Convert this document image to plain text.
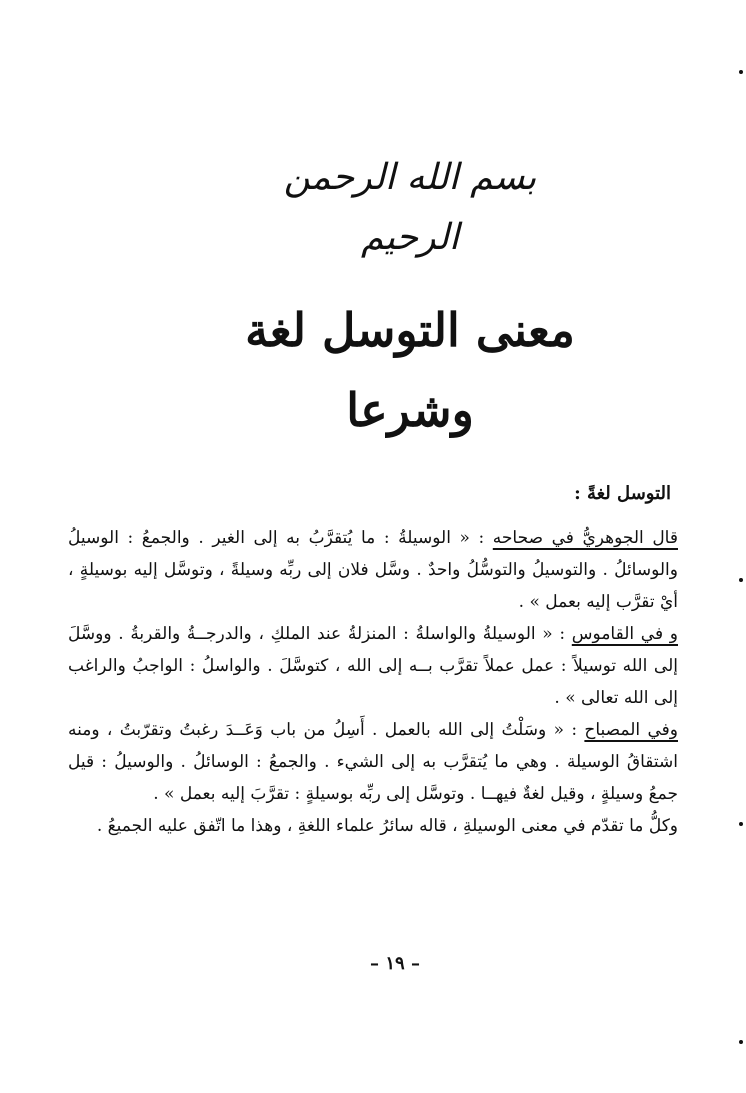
بسم الله الرحمن الرحيم
معنى التوسل لغة وشرعا
التوسل لغةً :

قال الجوهريُّ في صحاحه : « الوسيلةُ : ما يُتقرَّبُ به إلى الغير . والجمعُ : الوسيلُ والوسائلُ . والتوسيلُ والتوسُّلُ واحدٌ . وسَّل فلان إلى ربِّه وسيلةً ، وتوسَّل إليه بوسيلةٍ ، أيْ تقرَّب إليه بعمل » .

و في القاموس : « الوسيلةُ والواسلةُ : المنزلةُ عند الملكِ ، والدرجــةُ والقربةُ . ووسَّلَ إلى الله توسيلاً : عمل عملاً تقرَّب بــه إلى الله ، كتوسَّلَ . والواسلُ : الواجبُ والراغب إلى الله تعالى » .

وفي المصباح : « وسَلْتُ إلى الله بالعمل . أَسِلُ من باب وَعَــدَ رغبتُ وتقرّبتُ ، ومنه اشتقاقُ الوسيلة . وهي ما يُتقرَّب به إلى الشيء . والجمعُ : الوسائلُ . والوسيلُ : قيل جمعُ وسيلةٍ ، وقيل لغةٌ فيهــا . وتوسَّل إلى ربِّه بوسيلةٍ : تقرَّبَ إليه بعمل » .

وكلُّ ما تقدّم في معنى الوسيلةِ ، قاله سائرُ علماء اللغةِ ، وهذا ما اتّفق عليه الجميعُ .

– ١٩ –
